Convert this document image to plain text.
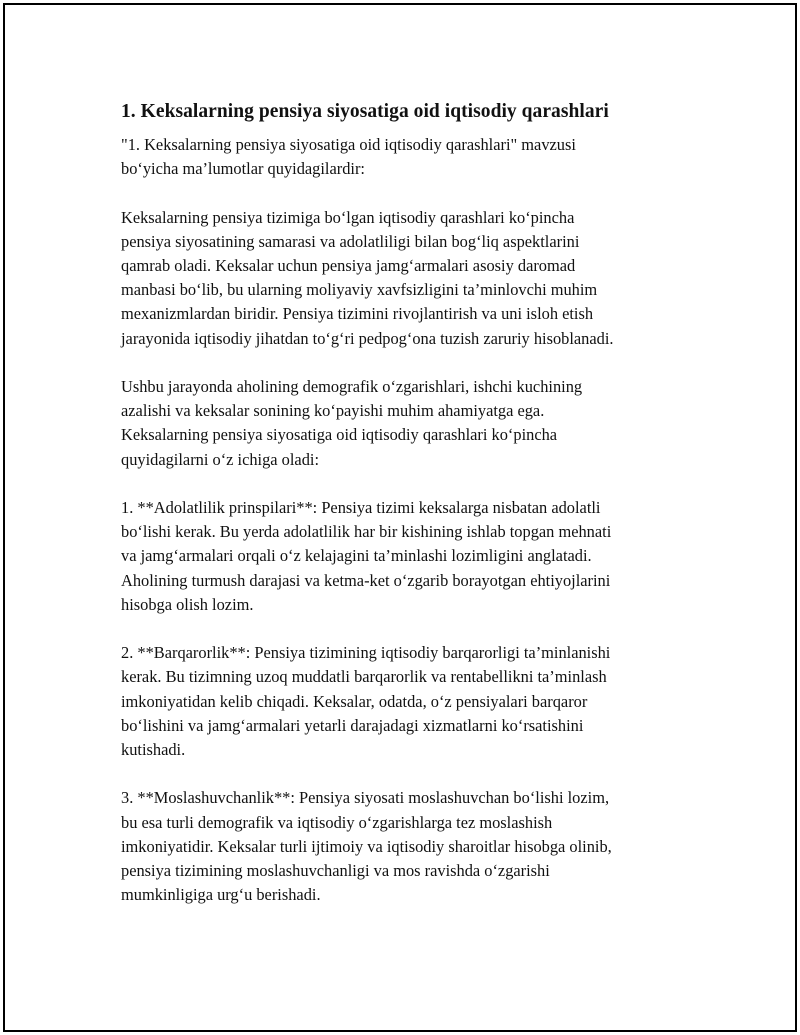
1. Keksalarning pensiya siyosatiga oid iqtisodiy qarashlari

"1. Keksalarning pensiya siyosatiga oid iqtisodiy qarashlari" mavzusi
bo‘yicha ma’lumotlar quyidagilardir:

Keksalarning pensiya tizimiga bo‘lgan iqtisodiy qarashlari ko‘pincha
pensiya siyosatining samarasi va adolatliligi bilan bog‘liq aspektlarini
qamrab oladi. Keksalar uchun pensiya jamg‘armalari asosiy daromad
manbasi bo‘lib, bu ularning moliyaviy xavfsizligini ta’minlovchi muhim
mexanizmlardan biridir. Pensiya tizimini rivojlantirish va uni isloh etish
jarayonida iqtisodiy jihatdan to‘g‘ri pedpog‘ona tuzish zaruriy hisoblanadi.

Ushbu jarayonda aholining demografik o‘zgarishlari, ishchi kuchining
azalishi va keksalar sonining ko‘payishi muhim ahamiyatga ega.
Keksalarning pensiya siyosatiga oid iqtisodiy qarashlari ko‘pincha
quyidagilarni o‘z ichiga oladi:

1. **Adolatlilik prinspilari**: Pensiya tizimi keksalarga nisbatan adolatli
bo‘lishi kerak. Bu yerda adolatlilik har bir kishining ishlab topgan mehnati
va jamg‘armalari orqali o‘z kelajagini ta’minlashi lozimligini anglatadi.
Aholining turmush darajasi va ketma-ket o‘zgarib borayotgan ehtiyojlarini
hisobga olish lozim.

2. **Barqarorlik**: Pensiya tizimining iqtisodiy barqarorligi ta’minlanishi
kerak. Bu tizimning uzoq muddatli barqarorlik va rentabellikni ta’minlash
imkoniyatidan kelib chiqadi. Keksalar, odatda, o‘z pensiyalari barqaror
bo‘lishini va jamg‘armalari yetarli darajadagi xizmatlarni ko‘rsatishini
kutishadi.

3. **Moslashuvchanlik**: Pensiya siyosati moslashuvchan bo‘lishi lozim,
bu esa turli demografik va iqtisodiy o‘zgarishlarga tez moslashish
imkoniyatidir. Keksalar turli ijtimoiy va iqtisodiy sharoitlar hisobga olinib,
pensiya tizimining moslashuvchanligi va mos ravishda o‘zgarishi
mumkinligiga urg‘u berishadi.
